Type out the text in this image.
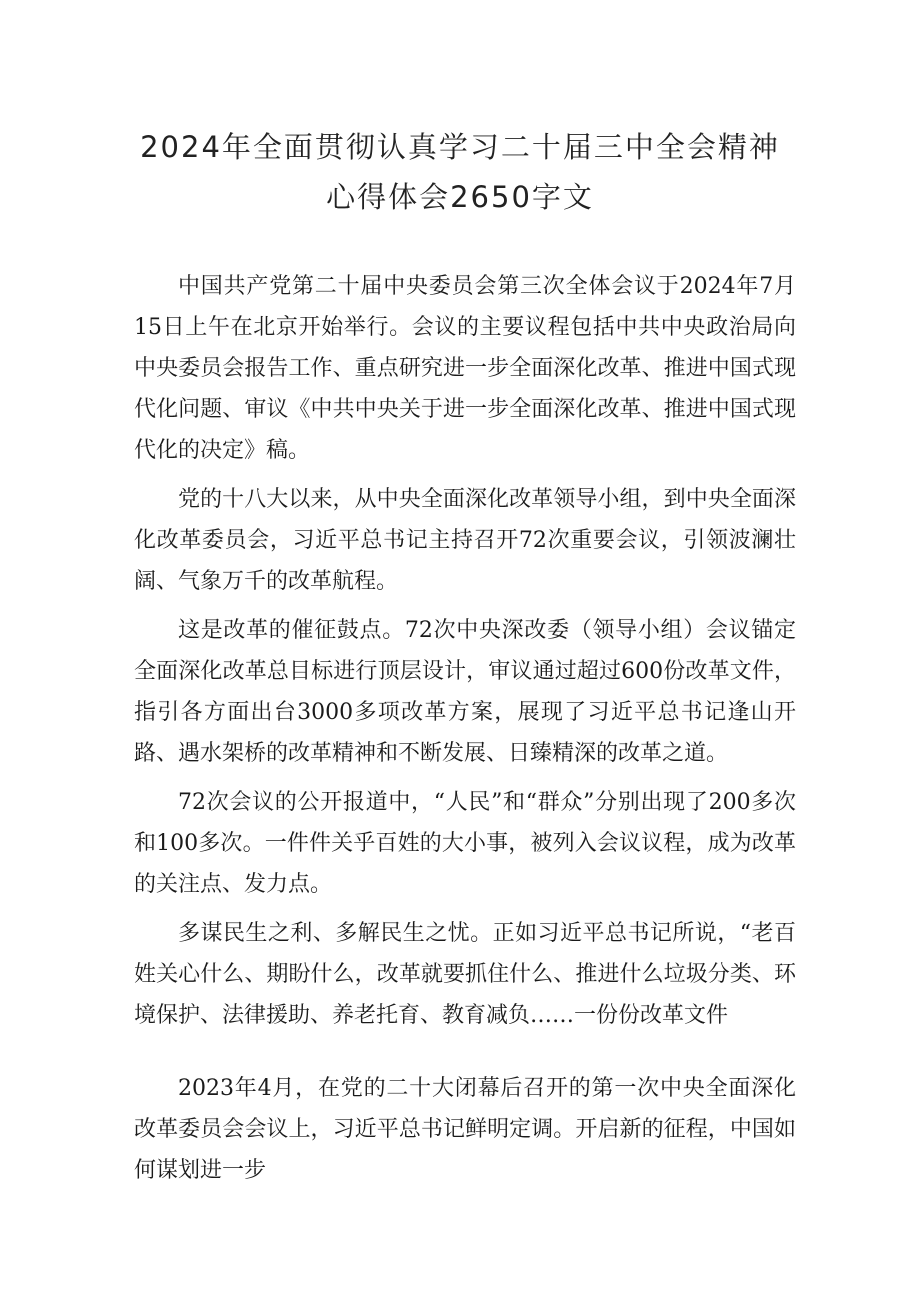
2024年全面贯彻认真学习二十届三中全会精神心得体会2650字文

中国共产党第二十届中央委员会第三次全体会议于2024年7月15日上午在北京开始举行。会议的主要议程包括中共中央政治局向中央委员会报告工作、重点研究进一步全面深化改革、推进中国式现代化问题、审议《中共中央关于进一步全面深化改革、推进中国式现代化的决定》稿。

党的十八大以来，从中央全面深化改革领导小组，到中央全面深化改革委员会，习近平总书记主持召开72次重要会议，引领波澜壮阔、气象万千的改革航程。

这是改革的催征鼓点。72次中央深改委（领导小组）会议锚定全面深化改革总目标进行顶层设计，审议通过超过600份改革文件，指引各方面出台3000多项改革方案，展现了习近平总书记逢山开路、遇水架桥的改革精神和不断发展、日臻精深的改革之道。

72次会议的公开报道中，“人民”和“群众”分别出现了200多次和100多次。一件件关乎百姓的大小事，被列入会议议程，成为改革的关注点、发力点。

多谋民生之利、多解民生之忧。正如习近平总书记所说，“老百姓关心什么、期盼什么，改革就要抓住什么、推进什么垃圾分类、环境保护、法律援助、养老托育、教育减负……一份份改革文件

2023年4月，在党的二十大闭幕后召开的第一次中央全面深化改革委员会会议上，习近平总书记鲜明定调。开启新的征程，中国如何谋划进一步
